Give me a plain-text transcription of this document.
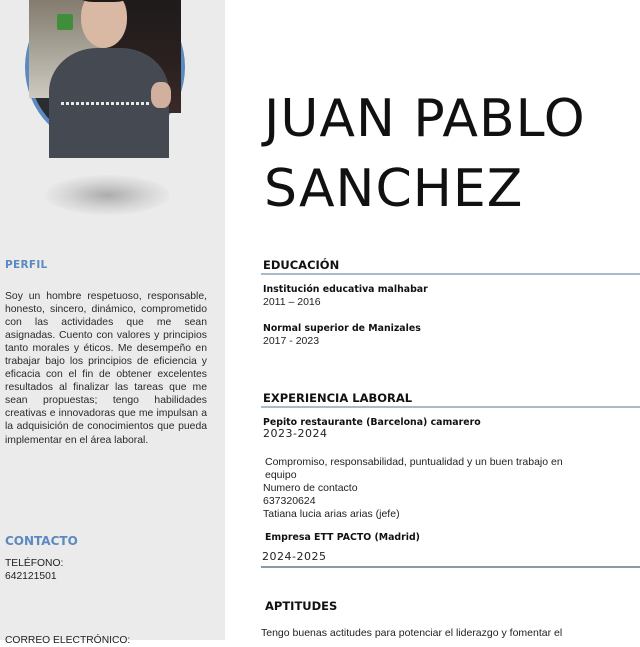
PERFIL
Soy un hombre respetuoso, responsable, honesto, sincero, dinámico, comprometido con las actividades que me sean asignadas. Cuento con valores y principios tanto morales y éticos. Me desempeño en trabajar bajo los principios de eficiencia y eficacia con el fin de obtener excelentes resultados al finalizar las tareas que me sean propuestas; tengo habilidades creativas e innovadoras que me impulsan a la adquisición de conocimientos que pueda implementar en el área laboral.
CONTACTO
TELÉFONO:
642121501
CORREO ELECTRÓNICO:
JUAN PABLO
SANCHEZ
EDUCACIÓN
Institución educativa malhabar
2011 – 2016
Normal superior de Manizales
2017 - 2023
EXPERIENCIA LABORAL
Pepito restaurante (Barcelona) camarero
2023-2024
Compromiso, responsabilidad, puntualidad y un buen trabajo en
equipo
Numero de contacto
637320624
Tatiana lucia arias arias (jefe)
Empresa ETT PACTO (Madrid)
2024-2025
APTITUDES
Tengo buenas actitudes para potenciar el liderazgo y fomentar el
